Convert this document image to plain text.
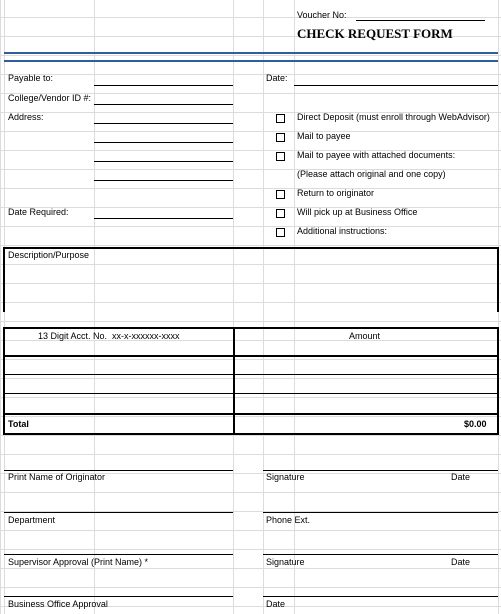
Voucher No:
CHECK REQUEST FORM
Payable to:	Date:
College/Vendor ID #:
Address:
Date Required:
Direct Deposit (must enroll through WebAdvisor)
Mail to payee
Mail to payee with attached documents:
(Please attach original and one copy)
Return to originator
Will pick up at Business Office
Additional instructions:
Description/Purpose
13 Digit Acct. No. xx-x-xxxxxx-xxxx	Amount
Total	$0.00
Print Name of Originator	Signature	Date
Department	Phone Ext.
Supervisor Approval (Print Name) *	Signature	Date
Business Office Approval	Date
